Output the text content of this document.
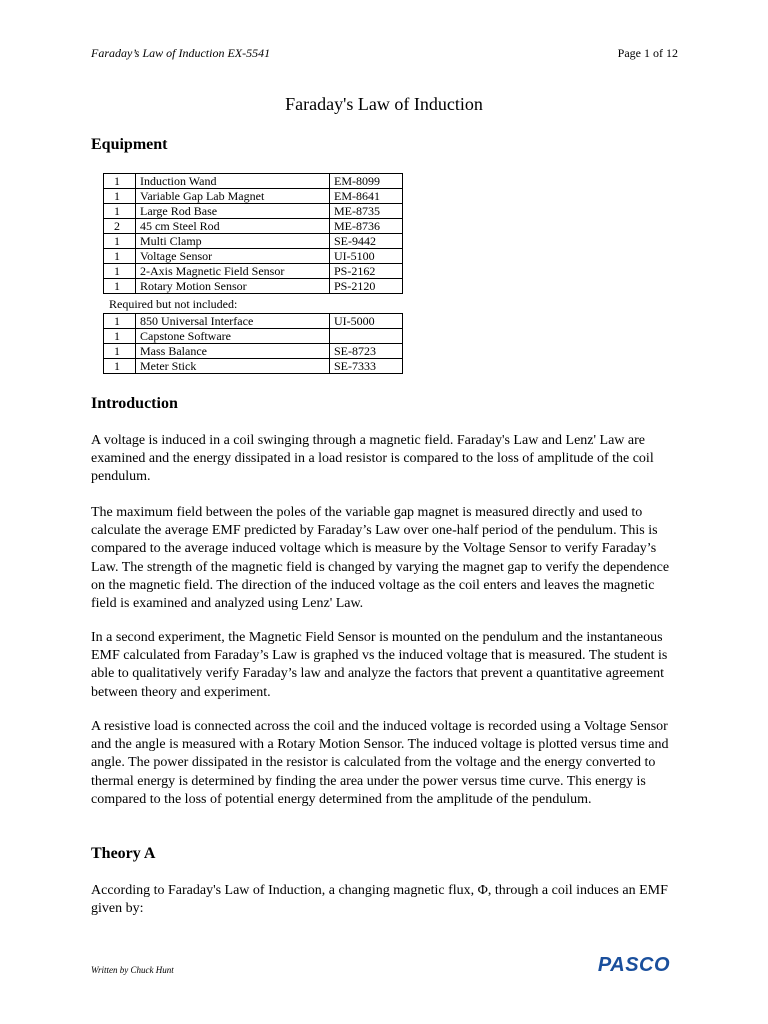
Faraday’s Law of Induction EX-5541	Page 1 of 12
Faraday's Law of Induction
Equipment
1	Induction Wand	EM-8099
1	Variable Gap Lab Magnet	EM-8641
1	Large Rod Base	ME-8735
2	45 cm Steel Rod	ME-8736
1	Multi Clamp	SE-9442
1	Voltage Sensor	UI-5100
1	2-Axis Magnetic Field Sensor	PS-2162
1	Rotary Motion Sensor	PS-2120
Required but not included:
1	850 Universal Interface	UI-5000
1	Capstone Software	
1	Mass Balance	SE-8723
1	Meter Stick	SE-7333
Introduction

A voltage is induced in a coil swinging through a magnetic field. Faraday's Law and Lenz' Law are examined and the energy dissipated in a load resistor is compared to the loss of amplitude of the coil pendulum.

The maximum field between the poles of the variable gap magnet is measured directly and used to calculate the average EMF predicted by Faraday’s Law over one-half period of the pendulum. This is compared to the average induced voltage which is measure by the Voltage Sensor to verify Faraday’s Law. The strength of the magnetic field is changed by varying the magnet gap to verify the dependence on the magnetic field. The direction of the induced voltage as the coil enters and leaves the magnetic field is examined and analyzed using Lenz' Law.

In a second experiment, the Magnetic Field Sensor is mounted on the pendulum and the instantaneous EMF calculated from Faraday’s Law is graphed vs the induced voltage that is measured. The student is able to qualitatively verify Faraday’s law and analyze the factors that prevent a quantitative agreement between theory and experiment.

A resistive load is connected across the coil and the induced voltage is recorded using a Voltage Sensor and the angle is measured with a Rotary Motion Sensor. The induced voltage is plotted versus time and angle. The power dissipated in the resistor is calculated from the voltage and the energy converted to thermal energy is determined by finding the area under the power versus time curve. This energy is compared to the loss of potential energy determined from the amplitude of the pendulum.

Theory A

According to Faraday's Law of Induction, a changing magnetic flux, Φ, through a coil induces an EMF given by:

Written by Chuck Hunt	PASCO
